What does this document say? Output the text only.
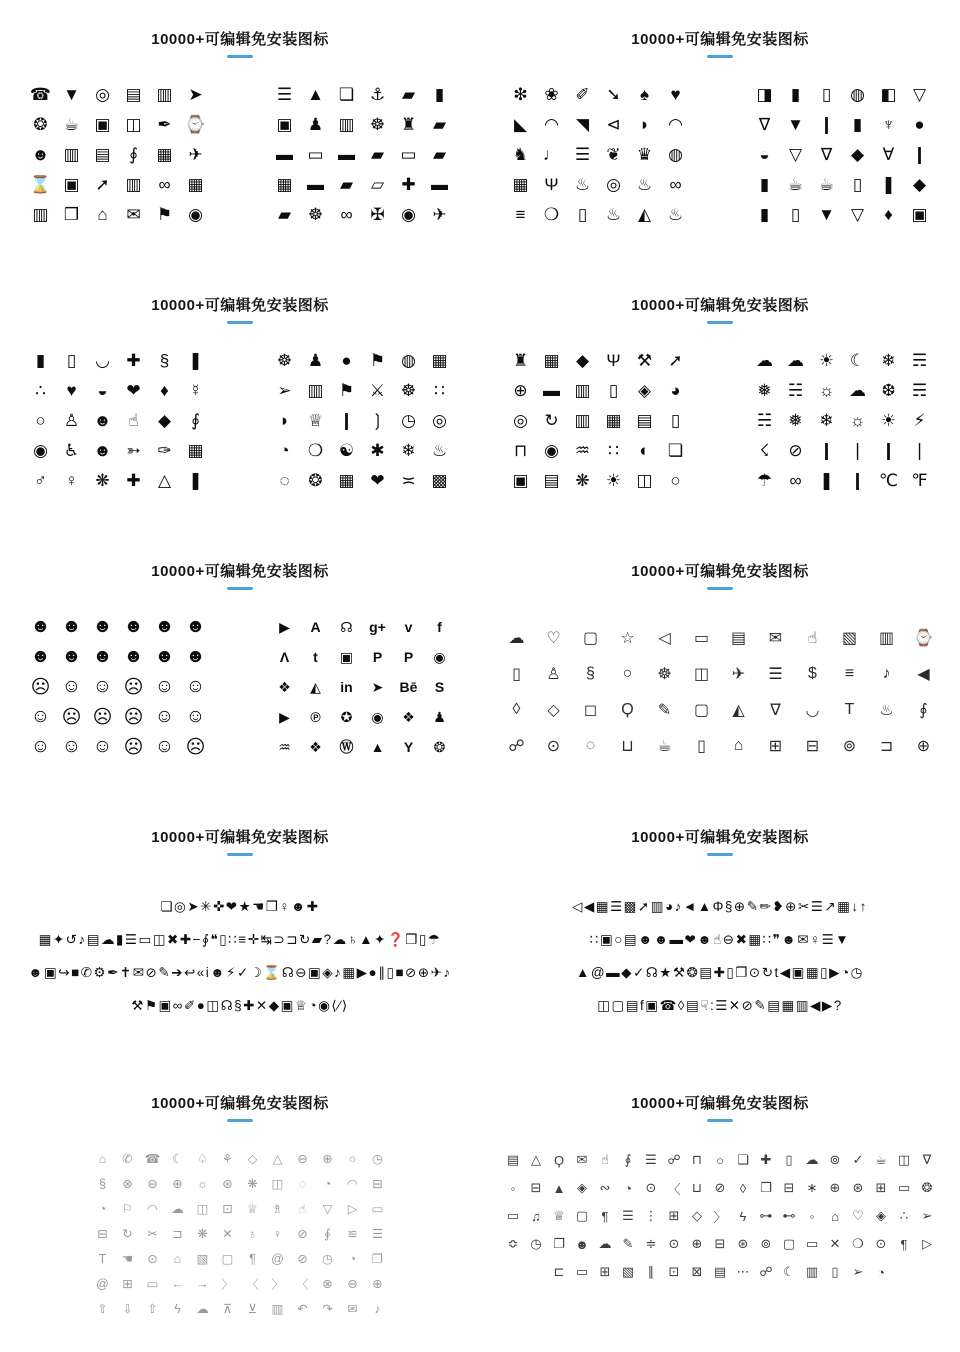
10000+可编辑免安装图标
☎ ▼ ◎ ▤ ▥ ➤
❂ ☕ ▣ ◫ ✒ ⌚
☻ ▥ ▤	∮	▦ ✈
⌛ ▣ ➚ ▥ ∞ ▦
▥ ❒	⌂	✉ ⚑ ◉
☰ ▲ ❏ ⚓ ▰	▮
▣ ♟ ▥ ☸ ♜ ▰
▬ ▭ ▬ ▰ ▭ ▰
▦ ▬ ▰	▱	✚ ▬
▰ ☸	∞	✠ ◉ ✈
10000+可编辑免安装图标
❇ ❀ ✐ ➘	♠	♥
◣	◠	◥	⊲	◗	◠
♞ ♩ ☰ ❦ ♛ ◍
▦ Ψ ♨ ◎ ♨	∞
≡	❍	▯	♨ ◭ ♨
◨	▮	▯	◍ ◧ ▽
∇ ▼ ❙	▮	♆	●
◒	▽	∇	◆	∀	❙
▮	☕ ☕	▯	❚	◆
▮	▯	▼ ▽	♦	▣
10000+可编辑免安装图标
▮	▯	◡ ✚	§	❚
∴	♥	◒	❤	♦	☿
○	♙ ☻ ☝	◆	∮
◉ ♿ ☻ ➳ ✑ ▦
♂	♀	❋ ✚	△	❚
☸ ♟	●	⚑ ◍ ▦
➢ ▥ ⚑ ⚔ ☸	∷
◗	♕ ❙ ❳ ◷ ◎
◔	❍ ☯ ✱ ❄ ♨
◌	❂ ▦ ❤ ≍ ▩
10000+可编辑免安装图标
♜ ▦ ◆	Ψ ⚒ ➚
⊕ ▬ ▥	▯	◈	◕
◎ ↻ ▥ ▦ ▤	▯
⊓ ◉ ♒	∷	◐	❏
▣ ▤ ❋ ☀ ◫	○
☁ ☁ ☀ ☾ ❄ ☴
❅ ☵ ☼ ☁ ❆ ☴
☵ ❅ ❄ ☼ ☀	⚡
☇	⊘ ❙ ❘ ❙ ❘
☂	∞	❚ ❙ ℃ ℉
10000+可编辑免安装图标
☻ ☻ ☻ ☻ ☻ ☻
☻ ☻ ☻ ☻ ☻ ☻
☹ ☺ ☺ ☹ ☺ ☺
☺ ☹ ☹ ☹ ☺ ☺
☺ ☺ ☺ ☹ ☺ ☹
▶	A	☊	g+	v	f
Λ	t	▣	P	P	◉
❖	◭	in	➤	Bē	S
▶	℗	✪	◉	❖	♟
♒	❖	Ⓦ	▲	Y	❂
10000+可编辑免安装图标
☁	♡	▢	☆	◁	▭	▤	✉	☝	▧	▥	⌚
▯	♙	§	○	☸	◫	✈	☰	$	≡	♪	◀
◊	◇	◻	Ϙ	✎	▢	◭	∇	◡	Τ	♨	∮
☍	⊙	◌	⊔	☕	▯	⌂	⊞	⊟	⊚	⊐	⊕
10000+可编辑免安装图标
❏◎➤✳✜❤★☚❐♀☻✚
▦✦↺♪▤☁▮☰▭◫✖✚−∮❝▯∷≡✛↹⊃⊐↻▰?☁♄▲✦❓❐▯☂
☻▣↪■✆⚙✒✝✉⊘✎➔↩«i☻⚡✓☽⌛☊⊖▣◈♪▦▶●∥▯■⊘⊕✈♪
⚒⚑▣∞✐●◫☊§✚✕◆▣♕◔◉⟨∕⟩
10000+可编辑免安装图标
◁◀▦☰▩➚▥◕♪◄▲Φ§⊕✎✏❥⊕✂☰↗▦↓↑
∷▣○▤☻☻▬❤☻☝⊖✖▦∷❞☻✉♀☰▼
▲@▬◆✓☊★⚒❂▤✚▯❐⊙↻t◀▣▦▯▶◔◷
◫▢▤f▣☎◊▤☟:☰✕⊘✎▤▦▥◀▶?
10000+可编辑免安装图标
⌂	✆ ☎ ☾	♤	⚘	◇	△	⊖	⊕	○	◷
§	⊗	⊖	⊕	☼	⊛	❋	◫	◌	◔	◠	⊟
◔	⚐	◠	☁	◫	⊡	♕	♗	☝	▽	▷	▭
⊟	↻	✂	⊐	❋	✕	♁	♀	⊘	∮	≌	☰
Τ	☚	⊙	⌂	▧	▢	¶	@	⊘	◷	◔	❐
@	⊞	▭	←	→ 〉 〈 〉 〈	⊗	⊖	⊕
⇧	⇩	⇧	ϟ	☁	⊼	⊻	▥	↶	↷	✉	♪
10000+可编辑免安装图标
▤ △ Ϙ ✉	☝	∮	☰ ☍ ⊓	○	❏ ✚	▯ ☁ ⊚ ✓ ☕ ◫ ∇
◦	⊟ ▲ ◈ ∾	◔	⊙ 〈 ⊔ ⊘	◊	❐ ⊟ ∗ ⊕ ⊛ ⊞ ▭ ❂
▭ ♫ ♕ ▢	¶	☰ ⋮ ⊞ ◇ 〉	ϟ	⊶ ⊷	◦	⌂	♡ ◈	∴	➢
≎ ◷ ❐ ☻ ☁ ✎ ≑ ⊙ ⊕ ⊟ ⊛ ⊚ ▢ ▭ ✕ ❍ ⊙	¶	▷
⊏ ▭ ⊞ ▧	∥	⊡ ⊠ ▤ ⋯ ☍ ☾ ▥	▯	➢	◔
